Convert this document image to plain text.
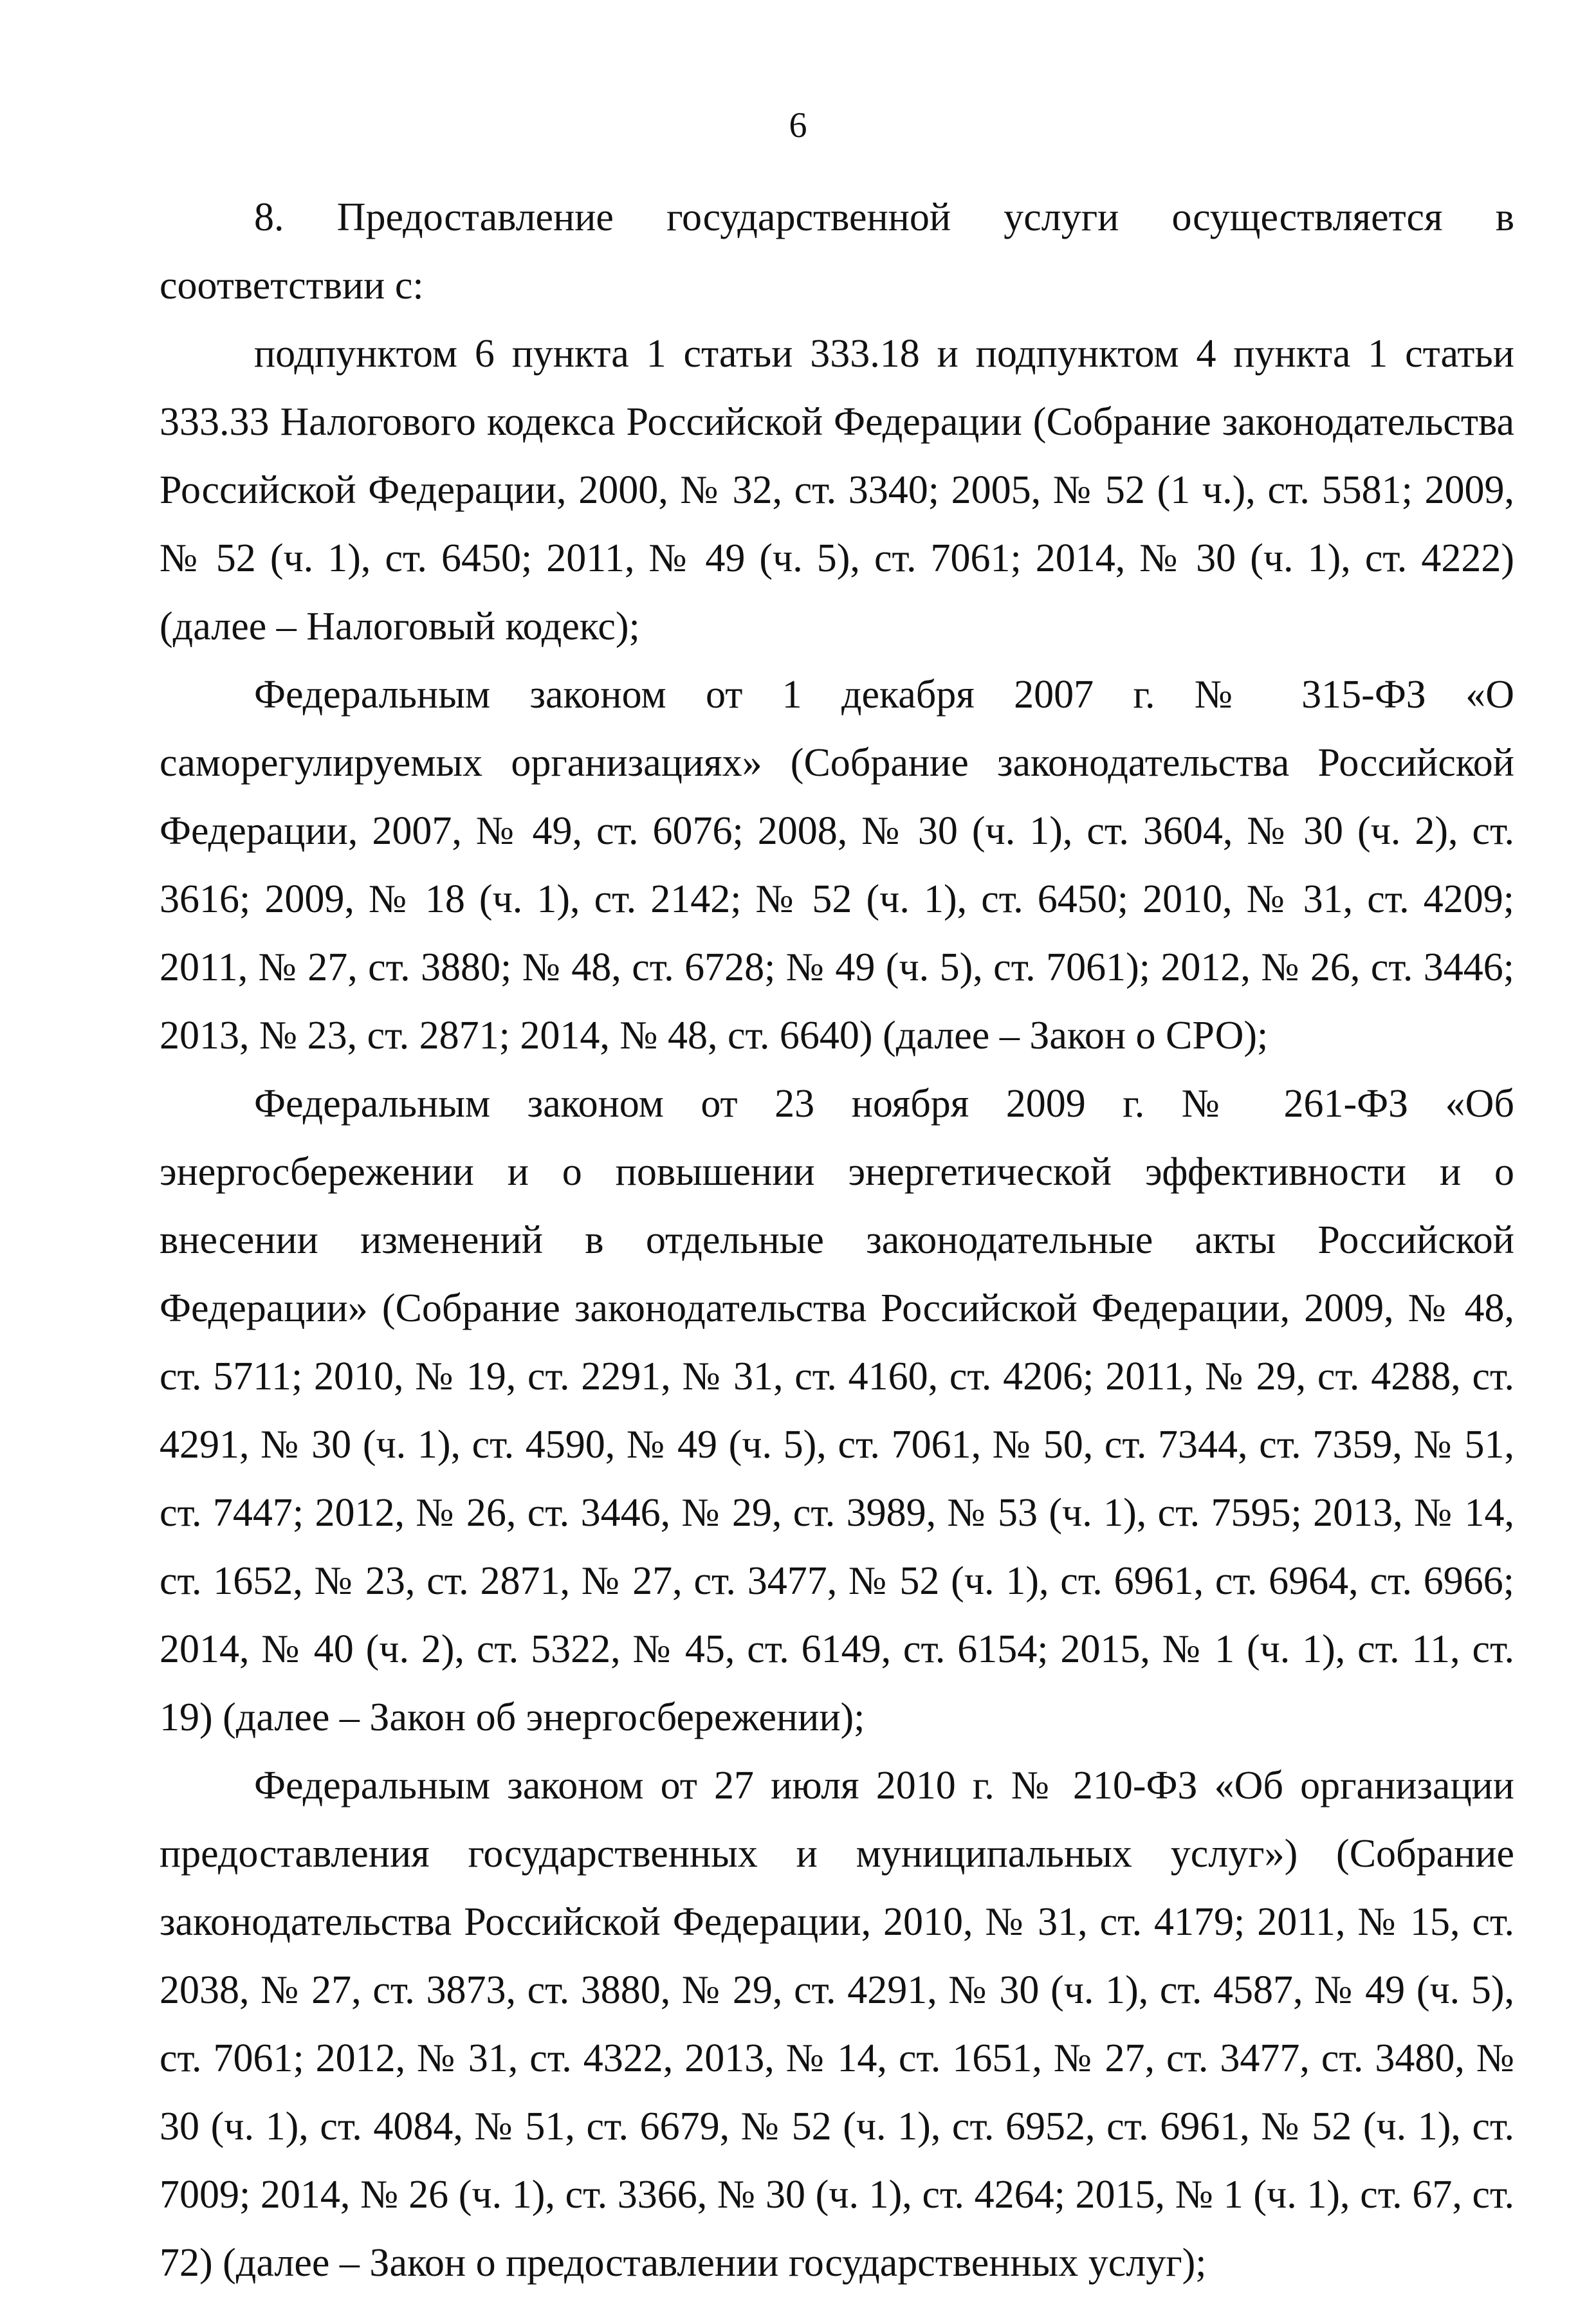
6

8. Предоставление государственной услуги осуществляется в соответствии с:

подпунктом 6 пункта 1 статьи 333.18 и подпунктом 4 пункта 1 статьи 333.33 Налогового кодекса Российской Федерации (Собрание законодательства Российской Федерации, 2000, № 32, ст. 3340; 2005, № 52 (1 ч.), ст. 5581; 2009, № 52 (ч. 1), ст. 6450; 2011, № 49 (ч. 5), ст. 7061; 2014, № 30 (ч. 1), ст. 4222) (далее – Налоговый кодекс);

Федеральным законом от 1 декабря 2007 г. № 315-ФЗ «О саморегулируемых организациях» (Собрание законодательства Российской Федерации, 2007, № 49, ст. 6076; 2008, № 30 (ч. 1), ст. 3604, № 30 (ч. 2), ст. 3616; 2009, № 18 (ч. 1), ст. 2142; № 52 (ч. 1), ст. 6450; 2010, № 31, ст. 4209; 2011, № 27, ст. 3880; № 48, ст. 6728; № 49 (ч. 5), ст. 7061); 2012, № 26, ст. 3446; 2013, № 23, ст. 2871; 2014, № 48, ст. 6640) (далее – Закон о СРО);

Федеральным законом от 23 ноября 2009 г. № 261-ФЗ «Об энергосбережении и о повышении энергетической эффективности и о внесении изменений в отдельные законодательные акты Российской Федерации» (Собрание законодательства Российской Федерации, 2009, № 48, ст. 5711; 2010, № 19, ст. 2291, № 31, ст. 4160, ст. 4206; 2011, № 29, ст. 4288, ст. 4291, № 30 (ч. 1), ст. 4590, № 49 (ч. 5), ст. 7061, № 50, ст. 7344, ст. 7359, № 51, ст. 7447; 2012, № 26, ст. 3446, № 29, ст. 3989, № 53 (ч. 1), ст. 7595; 2013, № 14, ст. 1652, № 23, ст. 2871, № 27, ст. 3477, № 52 (ч. 1), ст. 6961, ст. 6964, ст. 6966; 2014, № 40 (ч. 2), ст. 5322, № 45, ст. 6149, ст. 6154; 2015, № 1 (ч. 1), ст. 11, ст. 19) (далее – Закон об энергосбережении);

Федеральным законом от 27 июля 2010 г. № 210-ФЗ «Об организации предоставления государственных и муниципальных услуг») (Собрание законодательства Российской Федерации, 2010, № 31, ст. 4179; 2011, № 15, ст. 2038, № 27, ст. 3873, ст. 3880, № 29, ст. 4291, № 30 (ч. 1), ст. 4587, № 49 (ч. 5), ст. 7061; 2012, № 31, ст. 4322, 2013, № 14, ст. 1651, № 27, ст. 3477, ст. 3480, № 30 (ч. 1), ст. 4084, № 51, ст. 6679, № 52 (ч. 1), ст. 6952, ст. 6961, № 52 (ч. 1), ст. 7009; 2014, № 26 (ч. 1), ст. 3366, № 30 (ч. 1), ст. 4264; 2015, № 1 (ч. 1), ст. 67, ст. 72) (далее – Закон о предоставлении государственных услуг);
